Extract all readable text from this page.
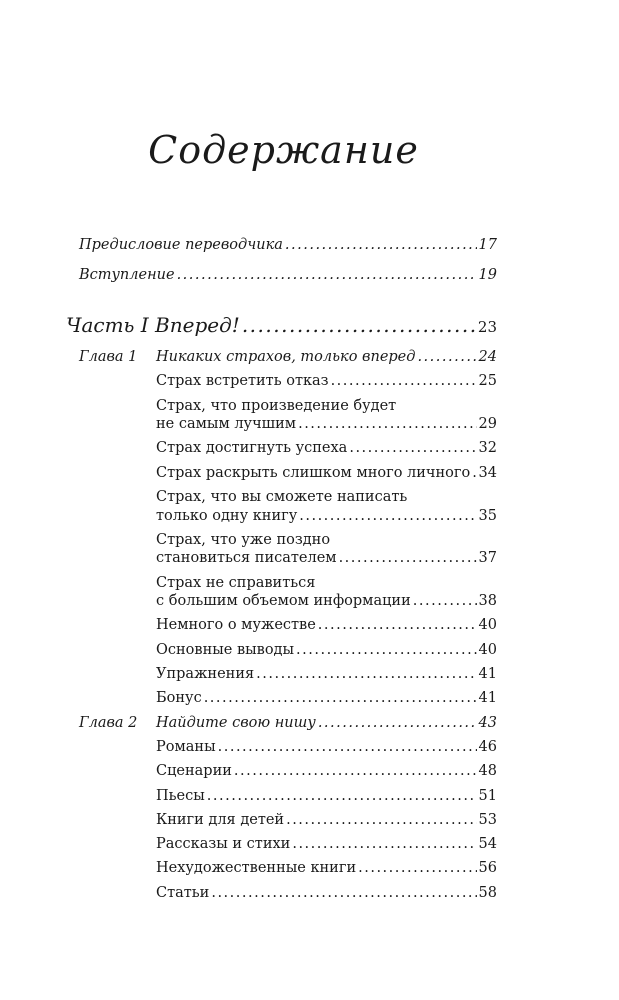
Содержание
Предисловие переводчика .....	17
Вступление .....	19
Часть I Вперед! .....	23
Глава 1 Никаких страхов, только вперед .....	24
Страх встретить отказ .....	25
Страх, что произведение будет
не самым лучшим .....	29
Страх достигнуть успеха .....	32
Страх раскрыть слишком много личного ..... 34
Страх, что вы сможете написать
только одну книгу .....	35
Страх, что уже поздно
становиться писателем .....	37
Страх не справиться
с большим объемом информации .....	38
Немного о мужестве .....	40
Основные выводы .....	40
Упражнения .....	41
Бонус .....	41
Глава 2 Найдите свою нишу .....	43
Романы .....	46
Сценарии .....	48
Пьесы .....	51
Книги для детей .....	53
Рассказы и стихи .....	54
Нехудожественные книги .....	56
Статьи .....	58
